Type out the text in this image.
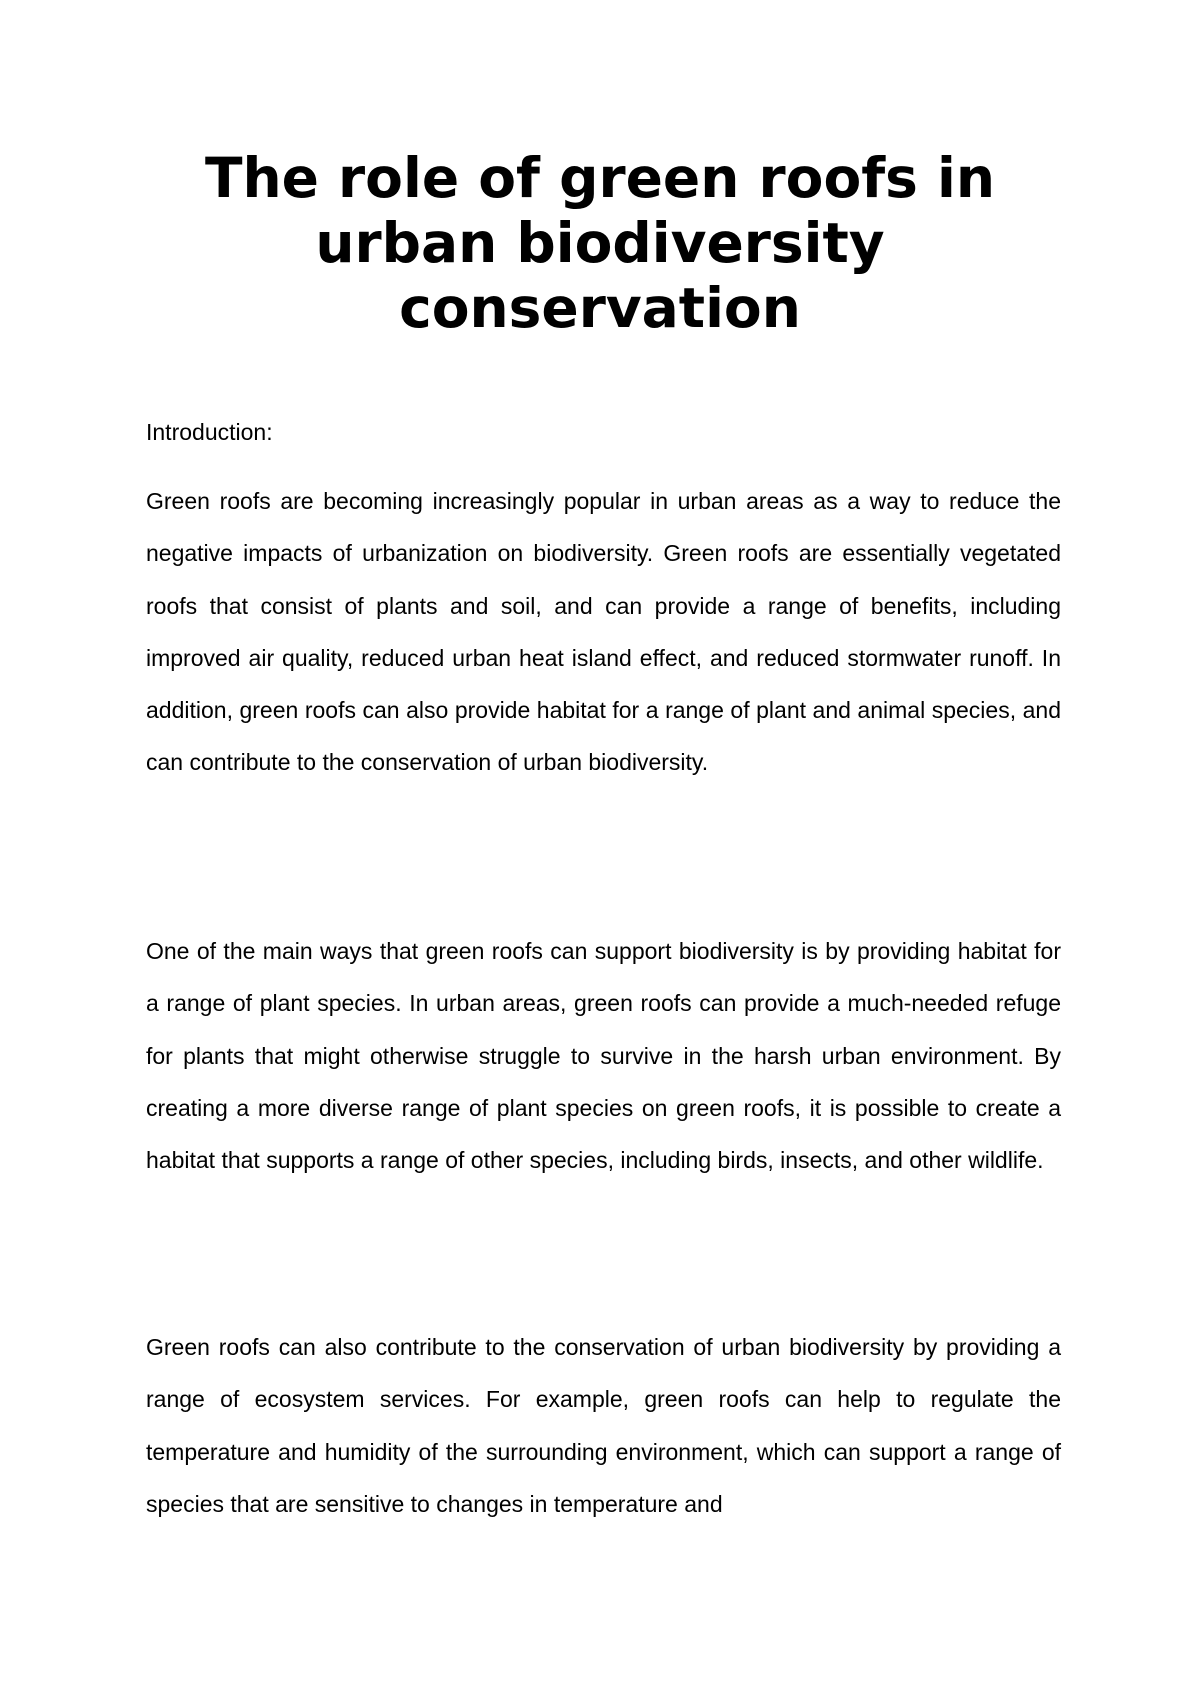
The role of green roofs in
urban biodiversity
conservation

Introduction:

Green roofs are becoming increasingly popular in urban areas as a way to reduce the negative impacts of urbanization on biodiversity. Green roofs are essentially vegetated roofs that consist of plants and soil, and can provide a range of benefits, including improved air quality, reduced urban heat island effect, and reduced stormwater runoff. In addition, green roofs can also provide habitat for a range of plant and animal species, and can contribute to the conservation of urban biodiversity.

One of the main ways that green roofs can support biodiversity is by providing habitat for a range of plant species. In urban areas, green roofs can provide a much-needed refuge for plants that might otherwise struggle to survive in the harsh urban environment. By creating a more diverse range of plant species on green roofs, it is possible to create a habitat that supports a range of other species, including birds, insects, and other wildlife.

Green roofs can also contribute to the conservation of urban biodiversity by providing a range of ecosystem services. For example, green roofs can help to regulate the temperature and humidity of the surrounding environment, which can support a range of species that are sensitive to changes in temperature and
